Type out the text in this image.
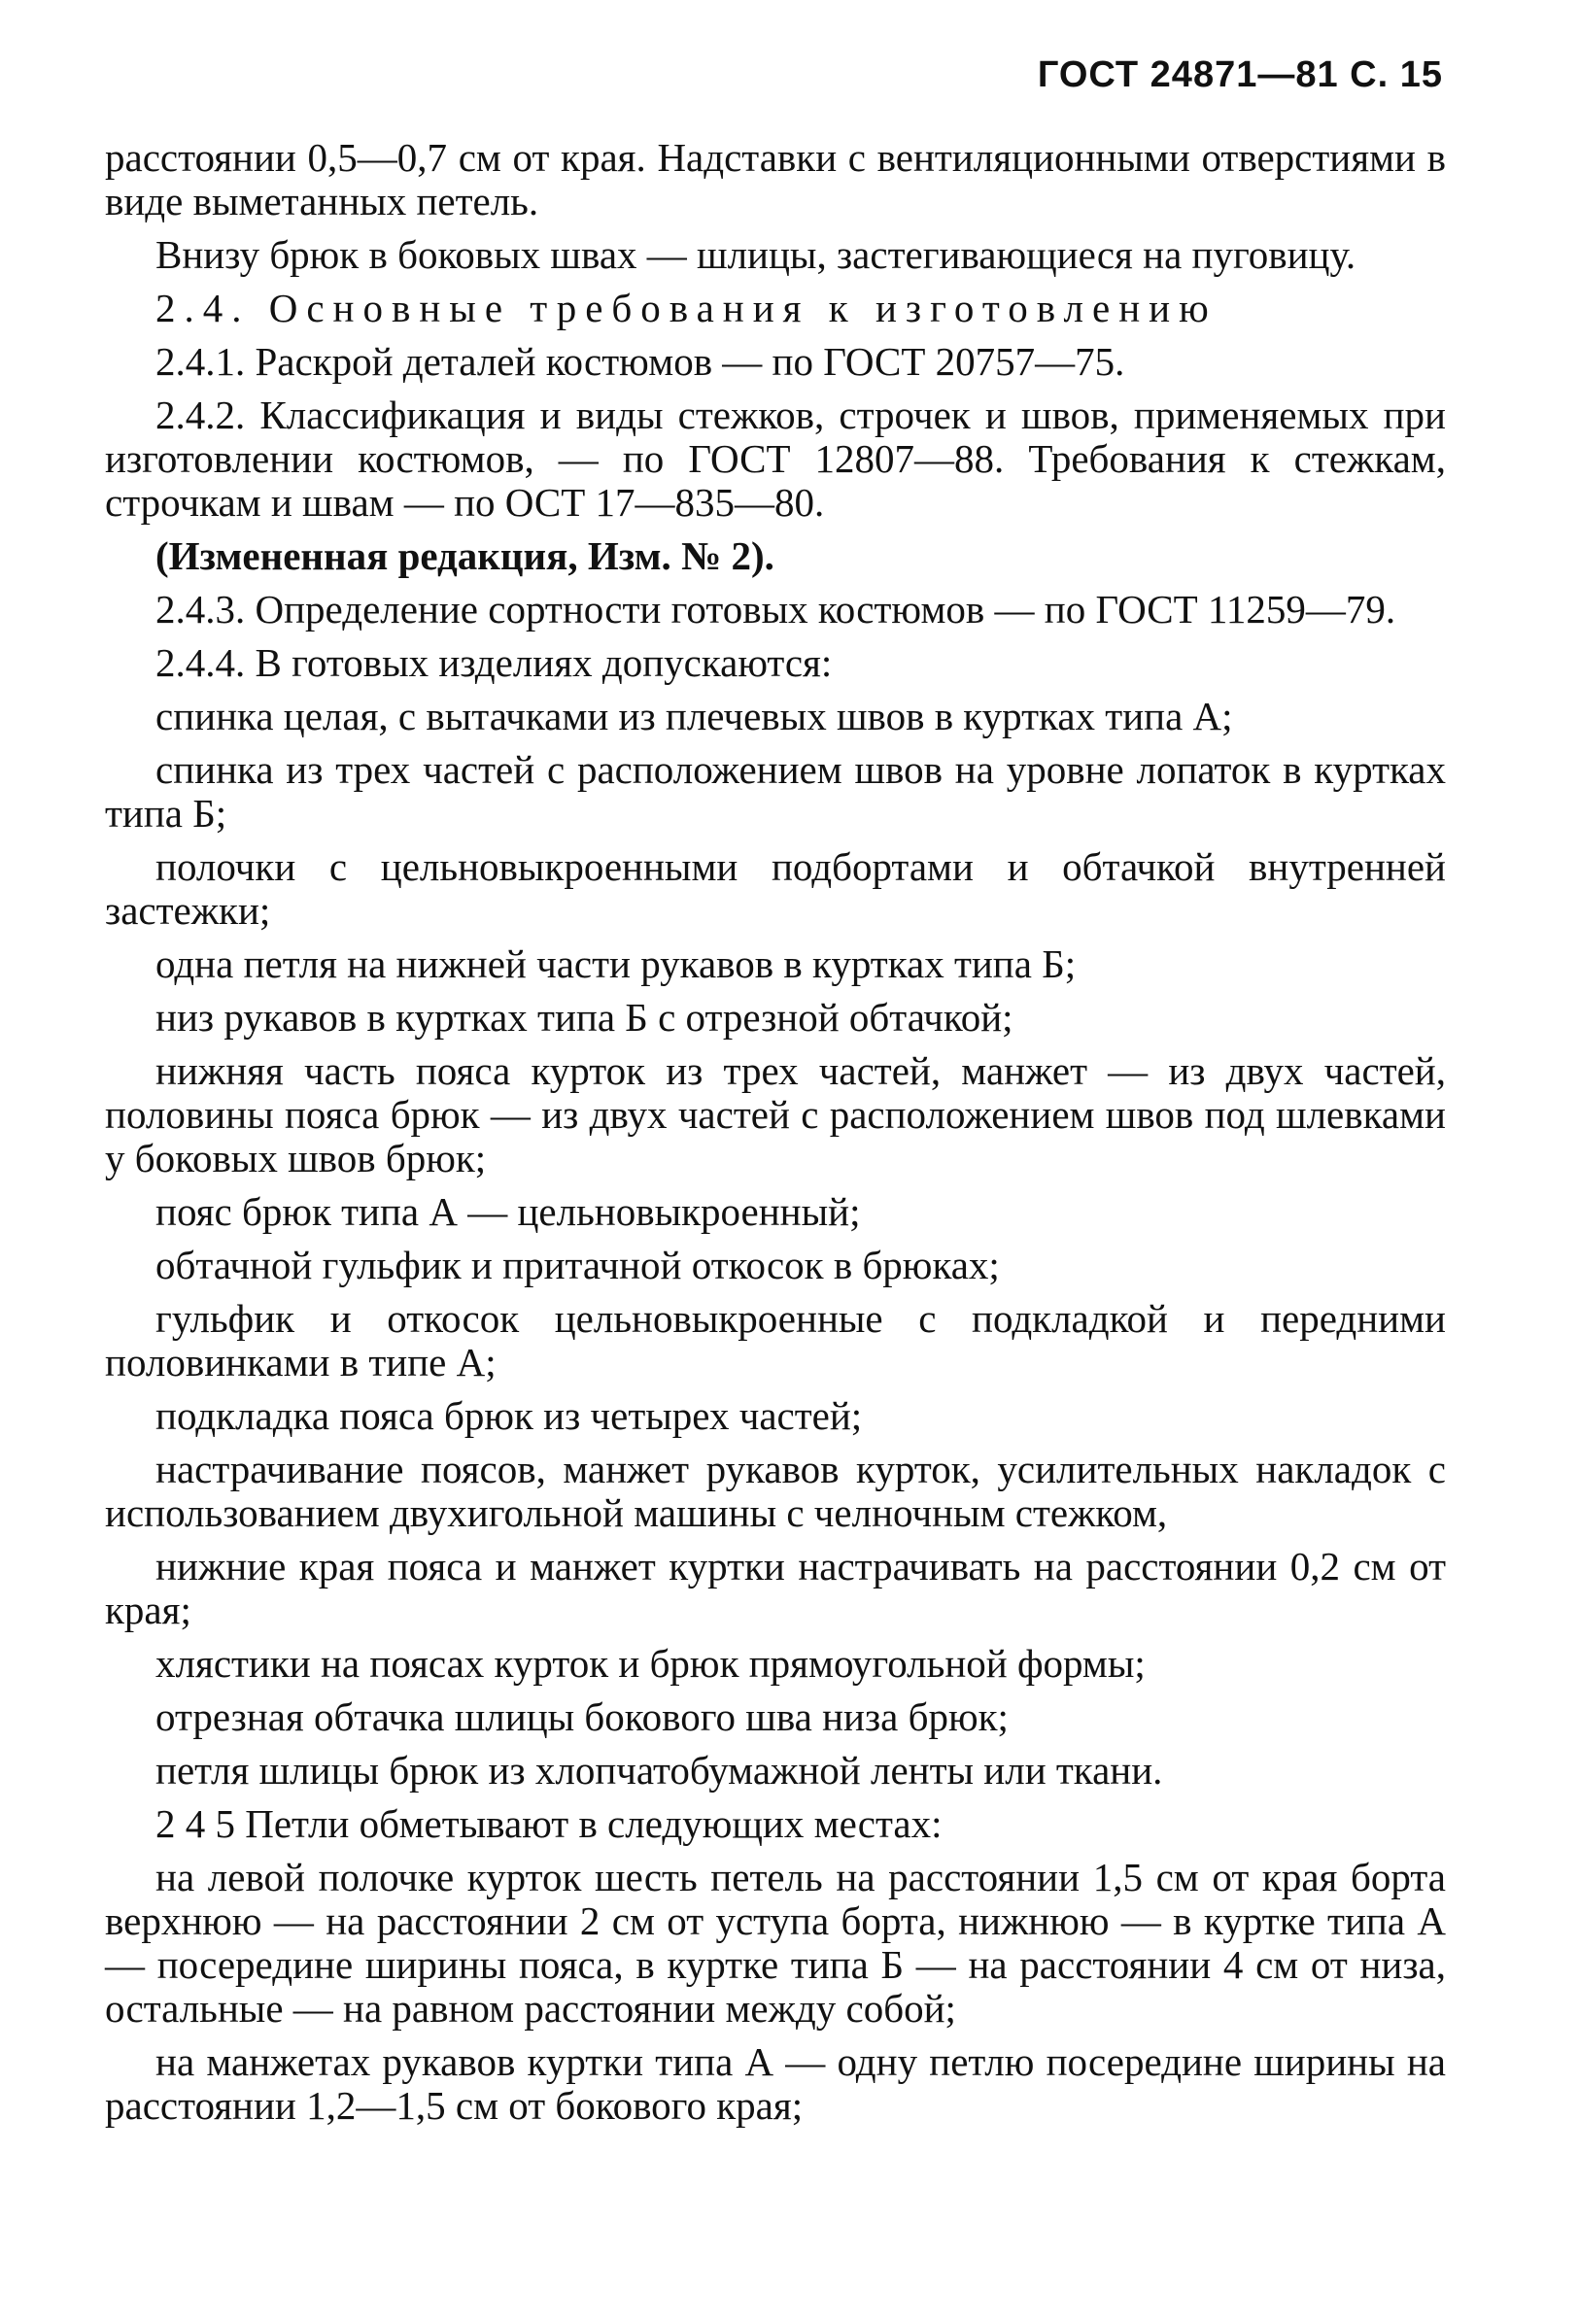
ГОСТ 24871—81 С. 15

расстоянии 0,5—0,7 см от края. Надставки с вентиляционными отверстиями в виде выметанных петель.

Внизу брюк в боковых швах — шлицы, застегивающиеся на пуговицу.

2.4. Основные требования к изготовлению

2.4.1. Раскрой деталей костюмов — по ГОСТ 20757—75.

2.4.2. Классификация и виды стежков, строчек и швов, применяемых при изготовлении костюмов, — по ГОСТ 12807—88. Требования к стежкам, строчкам и швам — по ОСТ 17—835—80.

(Измененная редакция, Изм. № 2).

2.4.3. Определение сортности готовых костюмов — по ГОСТ 11259—79.

2.4.4. В готовых изделиях допускаются:

спинка целая, с вытачками из плечевых швов в куртках типа А;

спинка из трех частей с расположением швов на уровне лопаток в куртках типа Б;

полочки с цельновыкроенными подбортами и обтачкой внутренней застежки;

одна петля на нижней части рукавов в куртках типа Б;

низ рукавов в куртках типа Б с отрезной обтачкой;

нижняя часть пояса курток из трех частей, манжет — из двух частей, половины пояса брюк — из двух частей с расположением швов под шлевками у боковых швов брюк;

пояс брюк типа А — цельновыкроенный;

обтачной гульфик и притачной откосок в брюках;

гульфик и откосок цельновыкроенные с подкладкой и передними половинками в типе А;

подкладка пояса брюк из четырех частей;

настрачивание поясов, манжет рукавов курток, усилительных накладок с использованием двухигольной машины с челночным стежком,

нижние края пояса и манжет куртки настрачивать на расстоянии 0,2 см от края;

хлястики на поясах курток и брюк прямоугольной формы;

отрезная обтачка шлицы бокового шва низа брюк;

петля шлицы брюк из хлопчатобумажной ленты или ткани.

2 4 5 Петли обметывают в следующих местах:

на левой полочке курток шесть петель на расстоянии 1,5 см от края борта верхнюю — на расстоянии 2 см от уступа борта, нижнюю — в куртке типа А — посередине ширины пояса, в куртке типа Б — на расстоянии 4 см от низа, остальные — на равном расстоянии между собой;

на манжетах рукавов куртки типа А — одну петлю посередине ширины на расстоянии 1,2—1,5 см от бокового края;
